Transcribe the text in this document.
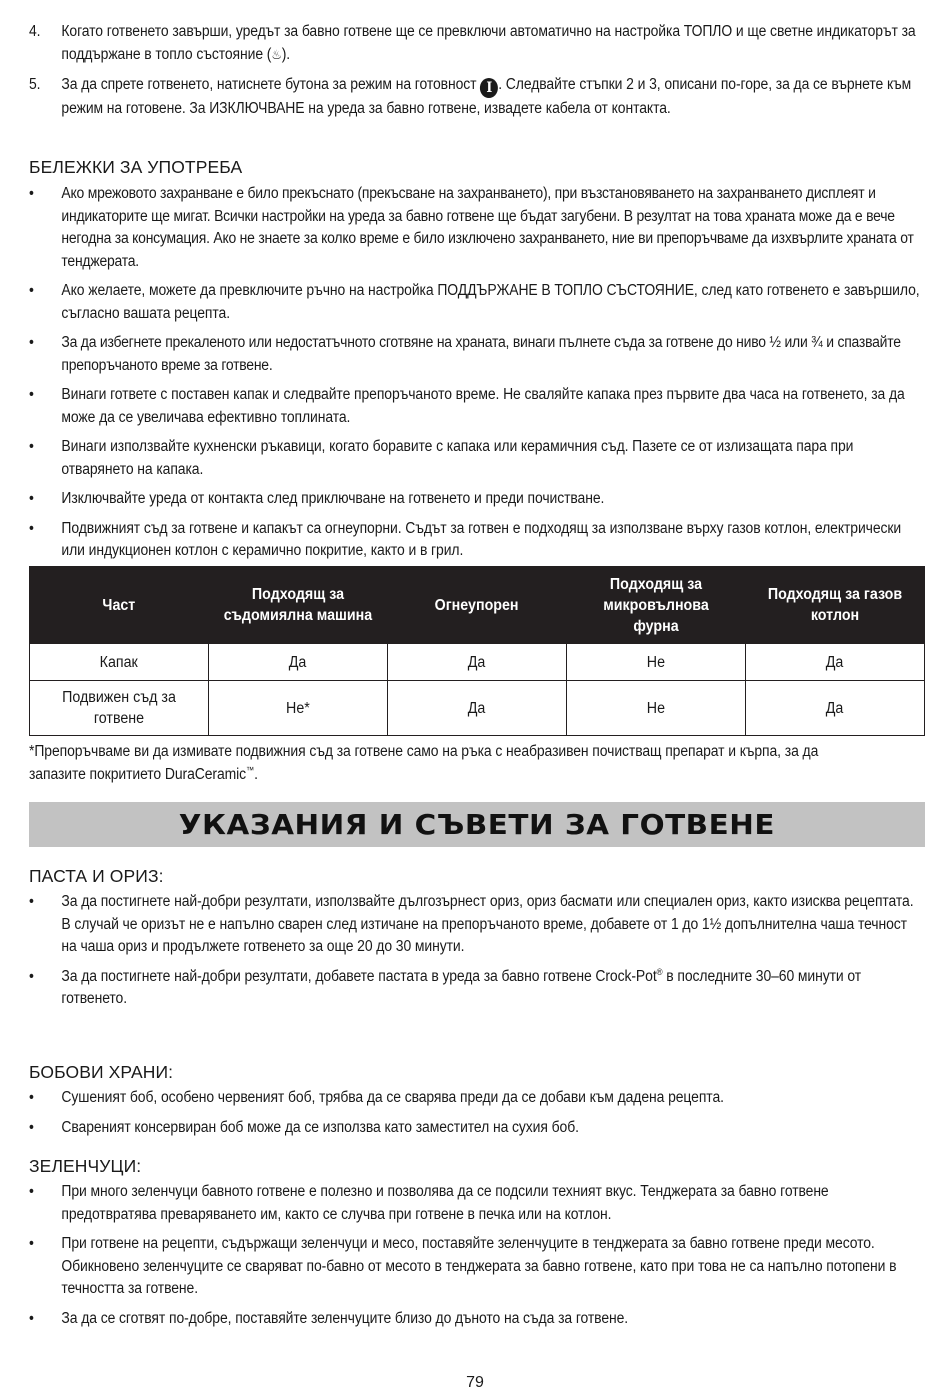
4. Когато готвенето завърши, уредът за бавно готвене ще се превключи автоматично на настройка ТОПЛО и ще светне индикаторът за поддържане в топло състояние (♨).
5. За да спрете готвенето, натиснете бутона за режим на готовност I . Следвайте стъпки 2 и 3, описани по-горе, за да се върнете към режим на готовене. За ИЗКЛЮЧВАНЕ на уреда за бавно готвене, извадете кабела от контакта.
БЕЛЕЖКИ ЗА УПОТРЕБА
• Ако мрежовото захранване е било прекъснато (прекъсване на захранването), при възстановяването на захранването дисплеят и индикаторите ще мигат. Всички настройки на уреда за бавно готвене ще бъдат загубени. В резултат на това храната може да е вече негодна за консумация. Ако не знаете за колко време е било изключено захранването, ние ви препоръчваме да изхвърлите храната от тенджерата.
• Ако желаете, можете да превключите ръчно на настройка ПОДДЪРЖАНЕ В ТОПЛО СЪСТОЯНИЕ, след като готвенето е завършило, съгласно вашата рецепта.
• За да избегнете прекаленото или недостатъчното сготвяне на храната, винаги пълнете съда за готвене до ниво ½ или ¾ и спазвайте препоръчаното време за готвене.
• Винаги гответе с поставен капак и следвайте препоръчаното време. Не сваляйте капака през първите два часа на готвенето, за да може да се увеличава ефективно топлината.
• Винаги използвайте кухненски ръкавици, когато боравите с капака или керамичния съд. Пазете се от излизащата пара при отварянето на капака.
• Изключвайте уреда от контакта след приключване на готвенето и преди почистване.
• Подвижният съд за готвене и капакът са огнеупорни. Съдът за готвен е подходящ за използване върху газов котлон, електрически или индукционен котлон с керамично покритие, както и в грил.
Част	Подходящ за съдомиялна машина	Огнеупорен	Подходящ за микровълнова фурна	Подходящ за газов котлон
Капак	Да	Да	Не	Да
Подвижен съд за готвене	Не*	Да	Не	Да
*Препоръчваме ви да измивате подвижния съд за готвене само на ръка с неабразивен почистващ препарат и кърпа, за да запазите покритието DuraCeramic™.
УКАЗАНИЯ И СЪВЕТИ ЗА ГОТВЕНЕ
ПАСТА И ОРИЗ:
• За да постигнете най-добри резултати, използвайте дългозърнест ориз, ориз басмати или специален ориз, както изисква рецептата. В случай че оризът не е напълно сварен след изтичане на препоръчаното време, добавете от 1 до 1½ допълнителна чаша течност на чаша ориз и продължете готвенето за още 20 до 30 минути.
• За да постигнете най-добри резултати, добавете пастата в уреда за бавно готвене Crock-Pot® в последните 30–60 минути от готвенето.
БОБОВИ ХРАНИ:
• Сушеният боб, особено червеният боб, трябва да се сварява преди да се добави към дадена рецепта.
• Свареният консервиран боб може да се използва като заместител на сухия боб.
ЗЕЛЕНЧУЦИ:
• При много зеленчуци бавното готвене е полезно и позволява да се подсили техният вкус. Тенджерата за бавно готвене предотвратява преваряването им, както се случва при готвене в печка или на котлон.
• При готвене на рецепти, съдържащи зеленчуци и месо, поставяйте зеленчуците в тенджерата за бавно готвене преди месото. Обикновено зеленчуците се сваряват по-бавно от месото в тенджерата за бавно готвене, като при това не са напълно потопени в течността за готвене.
• За да се сготвят по-добре, поставяйте зеленчуците близо до дъното на съда за готвене.
79
